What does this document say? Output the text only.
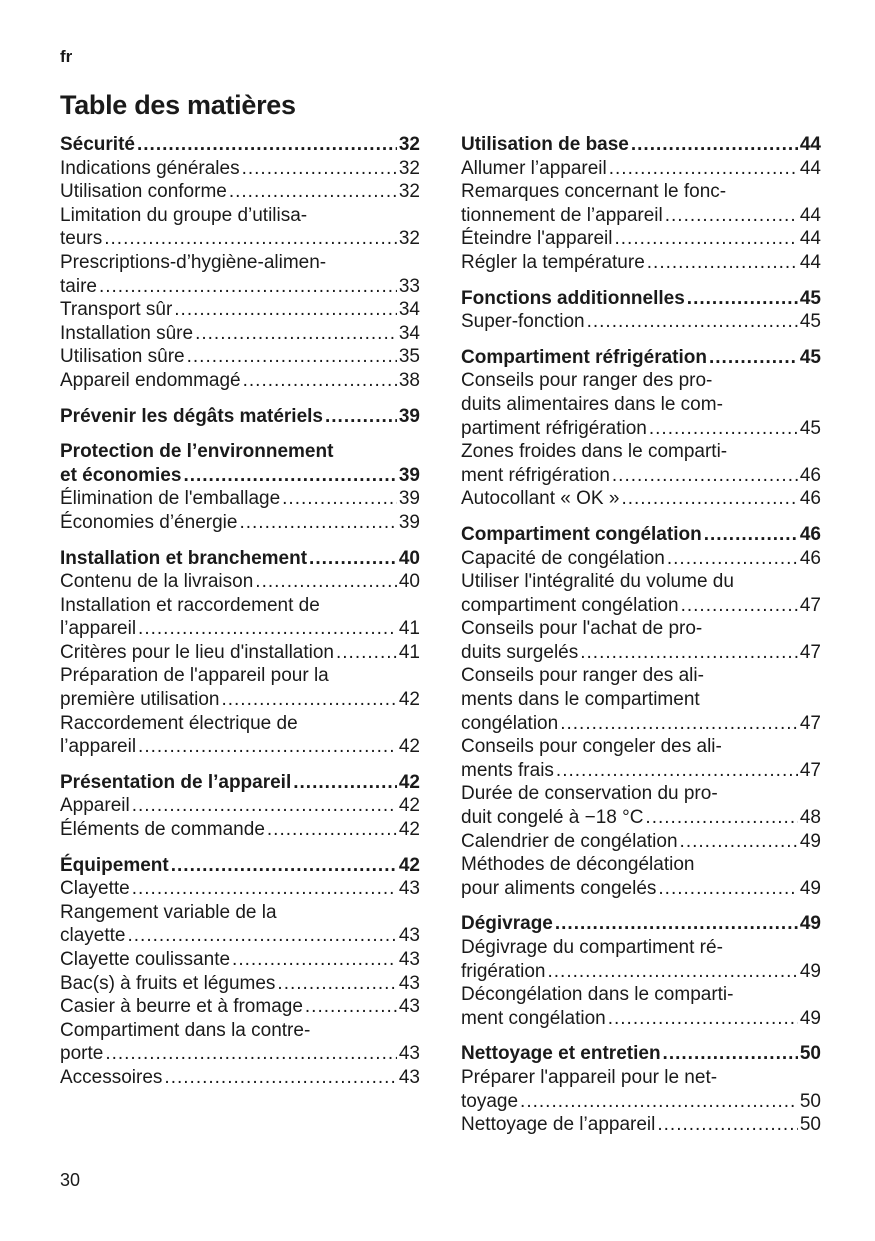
fr
Table des matières
Sécurité .....	32
Indications générales .....	32
Utilisation conforme .....	32
Limitation du groupe d’utilisa-
teurs .....	32
Prescriptions-d’hygiène-alimen-
taire .....	33
Transport sûr .....	34
Installation sûre .....	34
Utilisation sûre .....	35
Appareil endommagé .....	38
Prévenir les dégâts matériels .....	39
Protection de l’environnement
et économies .....	39
Élimination de l'emballage .....	39
Économies d’énergie .....	39
Installation et branchement .....	40
Contenu de la livraison .....	40
Installation et raccordement de
l’appareil .....	41
Critères pour le lieu d'installation .....	41
Préparation de l'appareil pour la
première utilisation .....	42
Raccordement électrique de
l’appareil .....	42
Présentation de l’appareil .....	42
Appareil .....	42
Éléments de commande .....	42
Équipement .....	42
Clayette .....	43
Rangement variable de la
clayette .....	43
Clayette coulissante .....	43
Bac(s) à fruits et légumes .....	43
Casier à beurre et à fromage .....	43
Compartiment dans la contre-
porte .....	43
Accessoires .....	43
Utilisation de base .....	44
Allumer l’appareil .....	44
Remarques concernant le fonc-
tionnement de l’appareil .....	44
Éteindre l'appareil .....	44
Régler la température .....	44
Fonctions additionnelles .....	45
Super-fonction .....	45
Compartiment réfrigération .....	45
Conseils pour ranger des pro-
duits alimentaires dans le com-
partiment réfrigération .....	45
Zones froides dans le comparti-
ment réfrigération .....	46
Autocollant « OK » .....	46
Compartiment congélation .....	46
Capacité de congélation .....	46
Utiliser l'intégralité du volume du
compartiment congélation .....	47
Conseils pour l'achat de pro-
duits surgelés .....	47
Conseils pour ranger des ali-
ments dans le compartiment
congélation .....	47
Conseils pour congeler des ali-
ments frais .....	47
Durée de conservation du pro-
duit congelé à −18 °C .....	48
Calendrier de congélation .....	49
Méthodes de décongélation
pour aliments congelés .....	49
Dégivrage .....	49
Dégivrage du compartiment ré-
frigération .....	49
Décongélation dans le comparti-
ment congélation .....	49
Nettoyage et entretien .....	50
Préparer l'appareil pour le net-
toyage .....	50
Nettoyage de l’appareil .....	50
30
